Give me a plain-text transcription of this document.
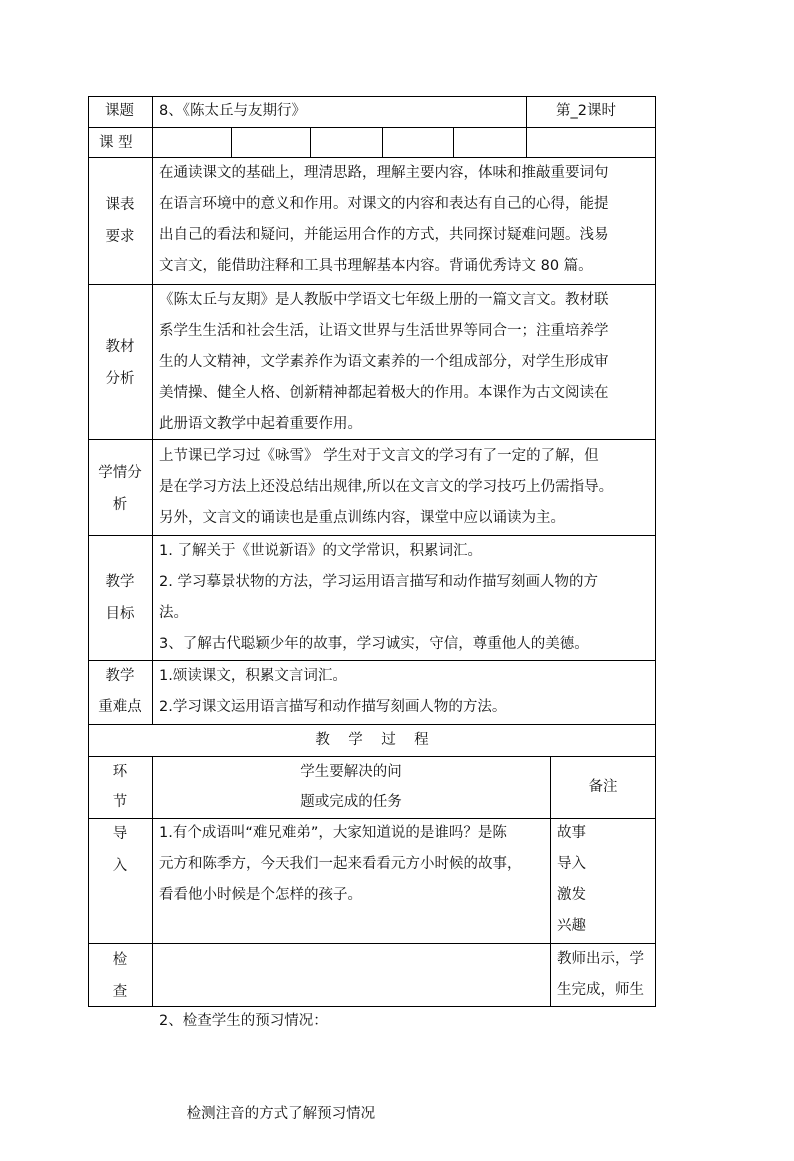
课题 8、《陈太丘与友期行》	第_2课时
课 型
课表
要求
在通读课文的基础上，理清思路，理解主要内容，体味和推敲重要词句
在语言环境中的意义和作用。对课文的内容和表达有自己的心得，能提
出自己的看法和疑问，并能运用合作的方式，共同探讨疑难问题。浅易
文言文，能借助注释和工具书理解基本内容。背诵优秀诗文 80 篇。
教材
分析
《陈太丘与友期》是人教版中学语文七年级上册的一篇文言文。教材联
系学生生活和社会生活，让语文世界与生活世界等同合一；注重培养学
生的人文精神，文学素养作为语文素养的一个组成部分，对学生形成审
美情操、健全人格、创新精神都起着极大的作用。本课作为古文阅读在
此册语文教学中起着重要作用。
学情分
析
上节课已学习过《咏雪》 学生对于文言文的学习有了一定的了解，但
是在学习方法上还没总结出规律,所以在文言文的学习技巧上仍需指导。
另外，文言文的诵读也是重点训练内容，课堂中应以诵读为主。
教学
目标
1. 了解关于《世说新语》的文学常识，积累词汇。
2. 学习摹景状物的方法，学习运用语言描写和动作描写刻画人物的方
法。
3、了解古代聪颖少年的故事，学习诚实，守信，尊重他人的美德。
教学
重难点
1.颂读课文，积累文言词汇。
2.学习课文运用语言描写和动作描写刻画人物的方法。
教    学    过    程
环
节
学生要解决的问
题或完成的任务
备注
导
入
1.有个成语叫“难兄难弟”，大家知道说的是谁吗？是陈
元方和陈季方，今天我们一起来看看元方小时候的故事，
看看他小时候是个怎样的孩子。
故事
导入
激发
兴趣
检
查

2、检查学生的预习情况：

检测注音的方式了解预习情况

教师出示，学
生完成，师生
